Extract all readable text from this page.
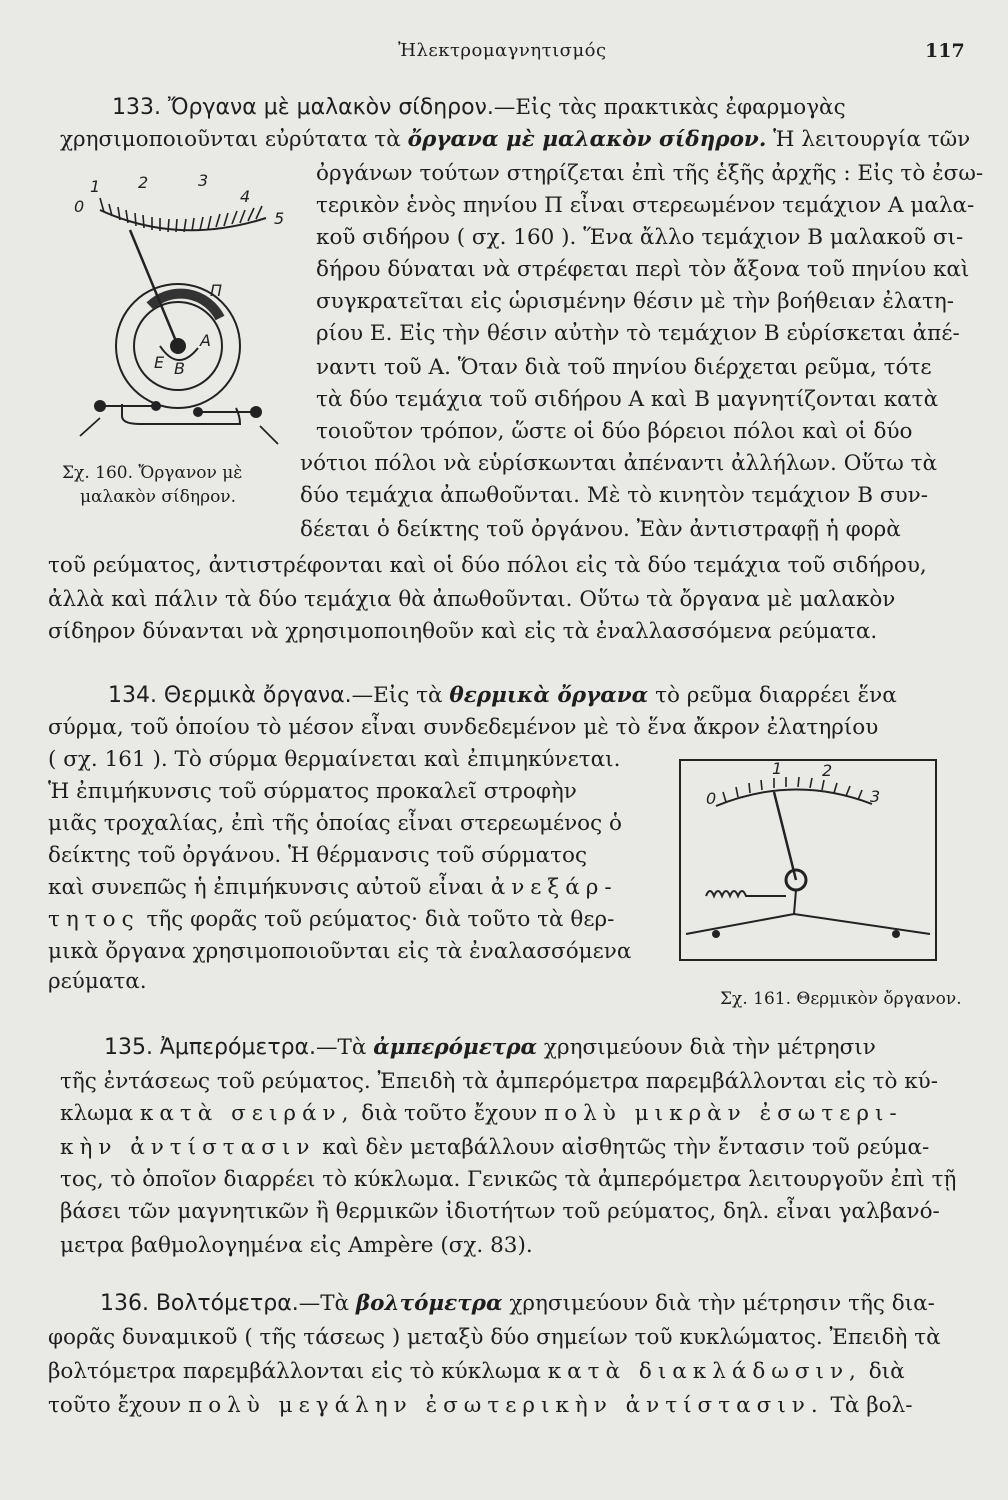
Ἠλεκτρομαγνητισμός	117
133. Ὄργανα μὲ μαλακὸν σίδηρον.—Εἰς τὰς πρακτικὰς ἐφαρμογὰς
χρησιμοποιοῦνται εὐρύτατα τὰ ὄργανα μὲ μαλακὸν σίδηρον. Ἡ λειτουργία τῶν
ὀργάνων τούτων στηρίζεται ἐπὶ τῆς ἑξῆς ἀρχῆς : Εἰς τὸ ἐσω-
τερικὸν ἑνὸς πηνίου Π εἶναι στερεωμένον τεμάχιον Α μαλα-
κοῦ σιδήρου ( σχ. 160 ). Ἕνα ἄλλο τεμάχιον Β μαλακοῦ σι-
δήρου δύναται νὰ στρέφεται περὶ τὸν ἄξονα τοῦ πηνίου καὶ
συγκρατεῖται εἰς ὡρισμένην θέσιν μὲ τὴν βοήθειαν ἐλατη-
ρίου Ε. Εἰς τὴν θέσιν αὐτὴν τὸ τεμάχιον Β εὑρίσκεται ἀπέ-
ναντι τοῦ Α. Ὅταν διὰ τοῦ πηνίου διέρχεται ρεῦμα, τότε
τὰ δύο τεμάχια τοῦ σιδήρου Α καὶ Β μαγνητίζονται κατὰ
τοιοῦτον τρόπον, ὥστε οἱ δύο βόρειοι πόλοι καὶ οἱ δύο
νότιοι πόλοι νὰ εὑρίσκωνται ἀπέναντι ἀλλήλων. Οὕτω τὰ
δύο τεμάχια ἀπωθοῦνται. Μὲ τὸ κινητὸν τεμάχιον Β συν-
δέεται ὁ δείκτης τοῦ ὀργάνου. Ἐὰν ἀντιστραφῇ ἡ φορὰ
τοῦ ρεύματος, ἀντιστρέφονται καὶ οἱ δύο πόλοι εἰς τὰ δύο τεμάχια τοῦ σιδήρου,
ἀλλὰ καὶ πάλιν τὰ δύο τεμάχια θὰ ἀπωθοῦνται. Οὕτω τὰ ὄργανα μὲ μαλακὸν
σίδηρον δύνανται νὰ χρησιμοποιηθοῦν καὶ εἰς τὰ ἐναλλασσόμενα ρεύματα.
0
1 2	3
4
5
Π
Α
Β
Ε
Σχ. 160. Ὄργανον μὲ
μαλακὸν σίδηρον.
134. Θερμικὰ ὄργανα.—Εἰς τὰ θερμικὰ ὄργανα τὸ ρεῦμα διαρρέει ἕνα
σύρμα, τοῦ ὁποίου τὸ μέσον εἶναι συνδεδεμένον μὲ τὸ ἕνα ἄκρον ἐλατηρίου
( σχ. 161 ). Τὸ σύρμα θερμαίνεται καὶ ἐπιμηκύνεται.
Ἡ ἐπιμήκυνσις τοῦ σύρματος προκαλεῖ στροφὴν
μιᾶς τροχαλίας, ἐπὶ τῆς ὁποίας εἶναι στερεωμένος ὁ
δείκτης τοῦ ὀργάνου. Ἡ θέρμανσις τοῦ σύρματος
καὶ συνεπῶς ἡ ἐπιμήκυνσις αὐτοῦ εἶναι ἀνεξάρ-
τητος τῆς φορᾶς τοῦ ρεύματος· διὰ τοῦτο τὰ θερ-
μικὰ ὄργανα χρησιμοποιοῦνται εἰς τὰ ἐναλασσόμενα
ρεύματα.
0
1 2
3
Σχ. 161. Θερμικὸν ὄργανον.
135. Ἀμπερόμετρα.—Τὰ ἀμπερόμετρα χρησιμεύουν διὰ τὴν μέτρησιν
τῆς ἐντάσεως τοῦ ρεύματος. Ἐπειδὴ τὰ ἀμπερόμετρα παρεμβάλλονται εἰς τὸ κύ-
κλωμα κατὰ σειράν, διὰ τοῦτο ἔχουν πολὺ μικρὰν ἐσωτερι-
κὴν ἀντίστασιν καὶ δὲν μεταβάλλουν αἰσθητῶς τὴν ἔντασιν τοῦ ρεύμα-
τος, τὸ ὁποῖον διαρρέει τὸ κύκλωμα. Γενικῶς τὰ ἀμπερόμετρα λειτουργοῦν ἐπὶ τῇ
βάσει τῶν μαγνητικῶν ἢ θερμικῶν ἰδιοτήτων τοῦ ρεύματος, δηλ. εἶναι γαλβανό-
μετρα βαθμολογημένα εἰς Ampère (σχ. 83).
136. Βολτόμετρα.—Τὰ βολτόμετρα χρησιμεύουν διὰ τὴν μέτρησιν τῆς δια-
φορᾶς δυναμικοῦ ( τῆς τάσεως ) μεταξὺ δύο σημείων τοῦ κυκλώματος. Ἐπειδὴ τὰ
βολτόμετρα παρεμβάλλονται εἰς τὸ κύκλωμα κατὰ διακλάδωσιν, διὰ
τοῦτο ἔχουν πολὺ μεγάλην ἐσωτερικὴν ἀντίστασιν. Τὰ βολ-
